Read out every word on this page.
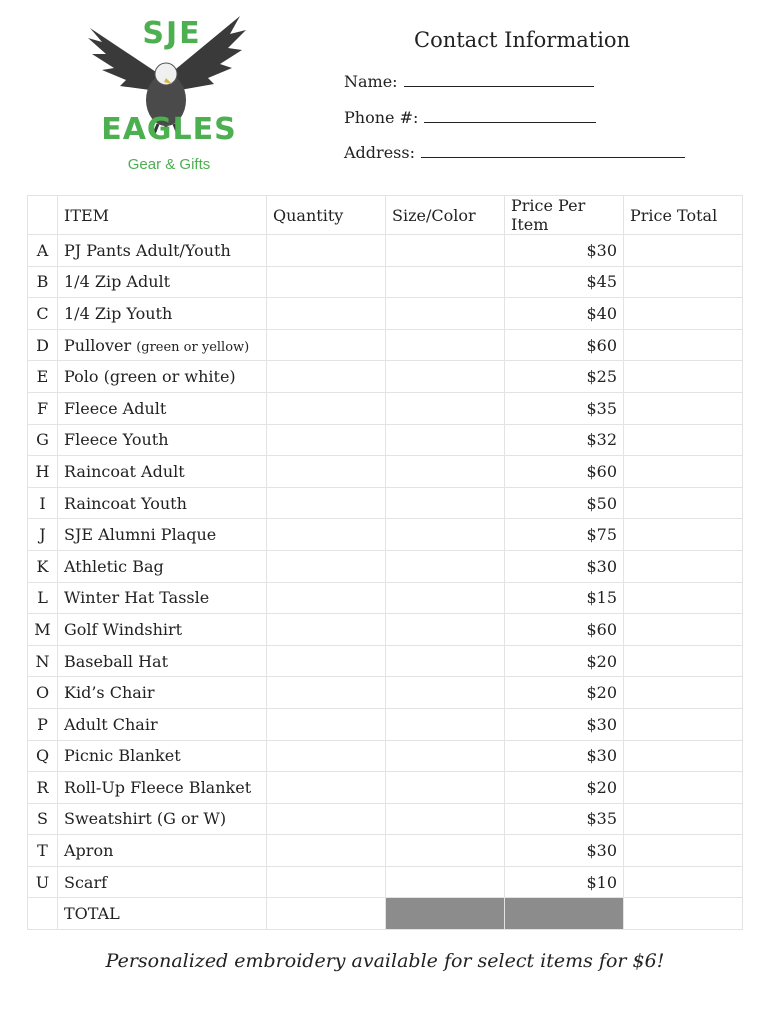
SJE
EAGLES
Gear & Gifts
Contact Information
Name:
Phone #:
Address:
	ITEM	Quantity	Size/Color	Price Per Item	Price Total
A	PJ Pants Adult/Youth			$30	
B	1/4 Zip Adult			$45	
C	1/4 Zip Youth			$40	
D	Pullover (green or yellow)			$60	
E	Polo (green or white)			$25	
F	Fleece Adult			$35	
G	Fleece Youth			$32	
H	Raincoat Adult			$60	
I	Raincoat Youth			$50	
J	SJE Alumni Plaque			$75	
K	Athletic Bag			$30	
L	Winter Hat Tassle			$15	
M	Golf Windshirt			$60	
N	Baseball Hat			$20	
O	Kid’s Chair			$20	
P	Adult Chair			$30	
Q	Picnic Blanket			$30	
R	Roll-Up Fleece Blanket			$20	
S	Sweatshirt (G or W)			$35	
T	Apron			$30	
U	Scarf			$10	
	TOTAL				
Personalized embroidery available for select items for $6!
